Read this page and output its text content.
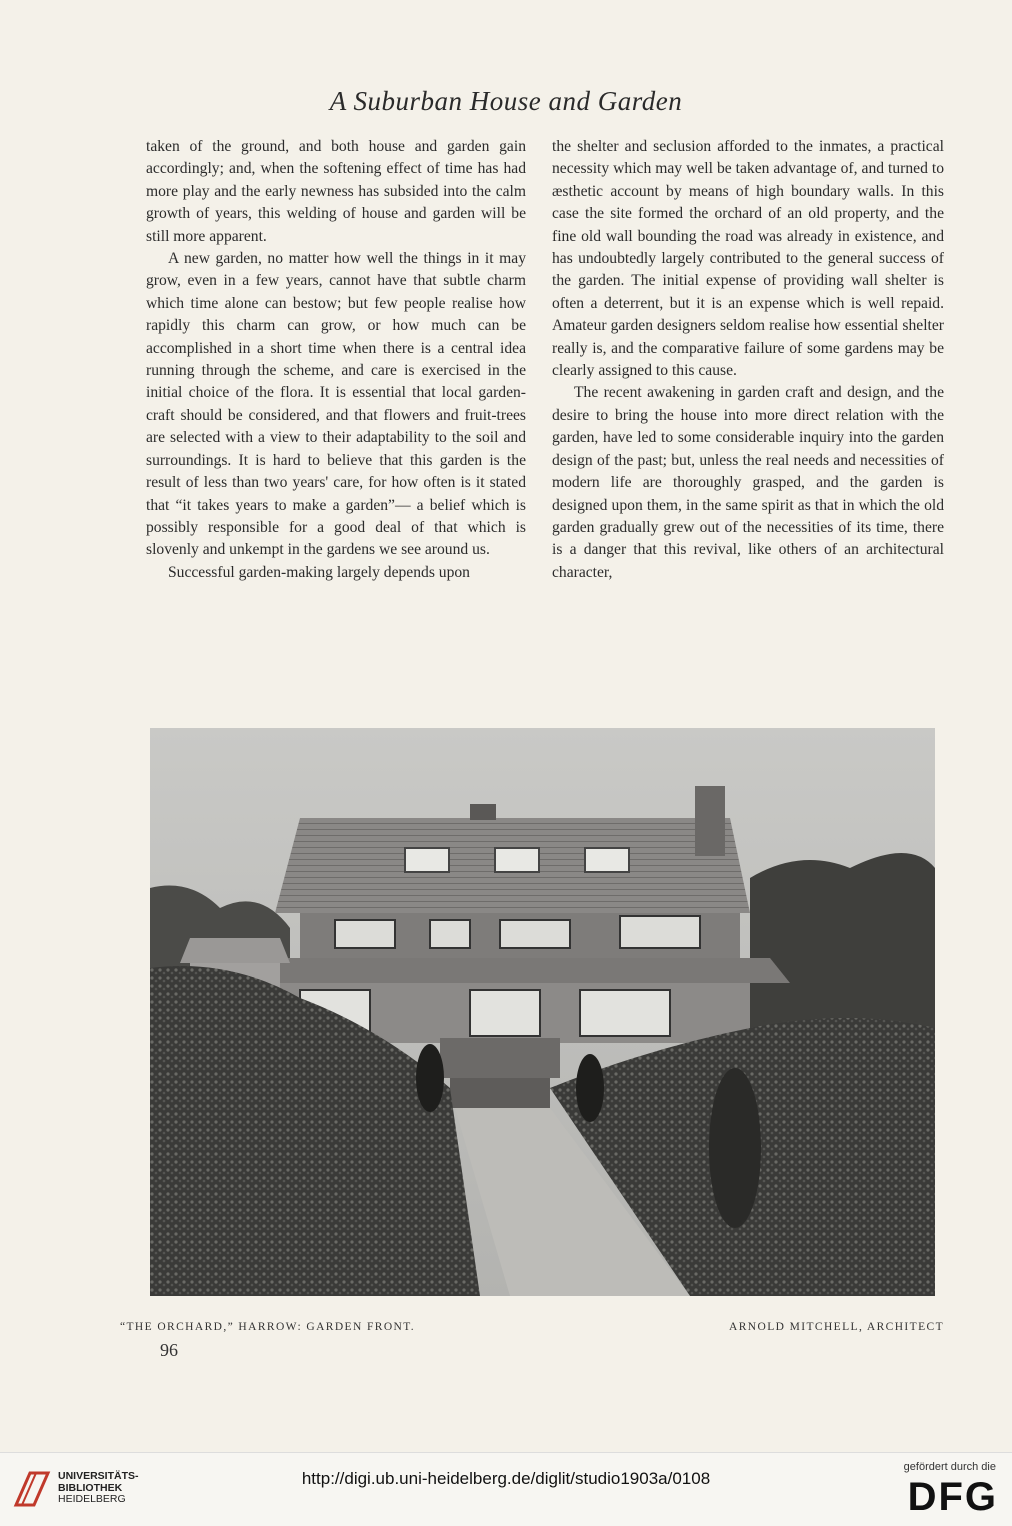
A Suburban House and Garden

taken of the ground, and both house and garden gain accordingly; and, when the softening effect of time has had more play and the early newness has subsided into the calm growth of years, this welding of house and garden will be still more apparent.

A new garden, no matter how well the things in it may grow, even in a few years, cannot have that subtle charm which time alone can bestow; but few people realise how rapidly this charm can grow, or how much can be accomplished in a short time when there is a central idea running through the scheme, and care is exercised in the initial choice of the flora. It is essential that local garden-craft should be considered, and that flowers and fruit-trees are selected with a view to their adaptability to the soil and surroundings. It is hard to believe that this garden is the result of less than two years' care, for how often is it stated that “it takes years to make a garden”— a belief which is possibly responsible for a good deal of that which is slovenly and unkempt in the gardens we see around us.

Successful garden-making largely depends upon

the shelter and seclusion afforded to the inmates, a practical necessity which may well be taken advantage of, and turned to æsthetic account by means of high boundary walls. In this case the site formed the orchard of an old property, and the fine old wall bounding the road was already in existence, and has undoubtedly largely contributed to the general success of the garden. The initial expense of providing wall shelter is often a deterrent, but it is an expense which is well repaid. Amateur garden designers seldom realise how essential shelter really is, and the comparative failure of some gardens may be clearly assigned to this cause.

The recent awakening in garden craft and design, and the desire to bring the house into more direct relation with the garden, have led to some considerable inquiry into the garden design of the past; but, unless the real needs and necessities of modern life are thoroughly grasped, and the garden is designed upon them, in the same spirit as that in which the old garden gradually grew out of the necessities of its time, there is a danger that this revival, like others of an architectural character,

“THE ORCHARD,” HARROW: GARDEN FRONT.	ARNOLD MITCHELL, ARCHITECT
96
UNIVERSITÄTS-
BIBLIOTHEK
HEIDELBERG
http://digi.ub.uni-heidelberg.de/diglit/studio1903a/0108
gefördert durch die
DFG
